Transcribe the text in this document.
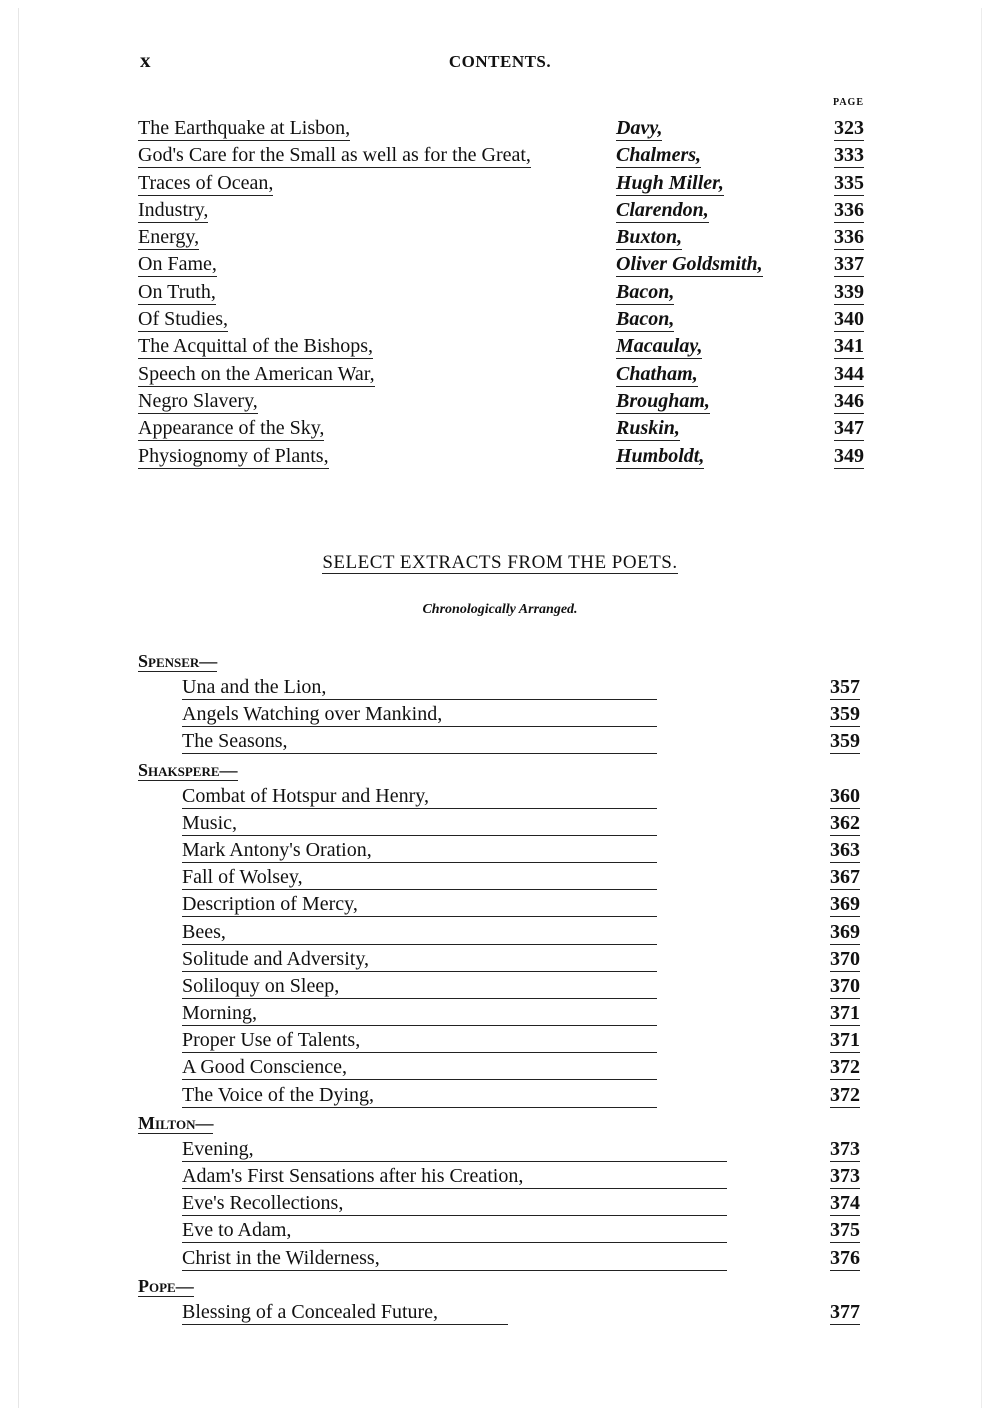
x	CONTENTS.
PAGE
The Earthquake at Lisbon,	Davy,	323
God's Care for the Small as well as for the Great,	Chalmers,	333
Traces of Ocean,	Hugh Miller,	335
Industry,	Clarendon,	336
Energy,	Buxton,	336
On Fame,	Oliver Goldsmith,	337
On Truth,	Bacon,	339
Of Studies,	Bacon,	340
The Acquittal of the Bishops,	Macaulay,	341
Speech on the American War,	Chatham,	344
Negro Slavery,	Brougham,	346
Appearance of the Sky,	Ruskin,	347
Physiognomy of Plants,	Humboldt,	349
SELECT EXTRACTS FROM THE POETS.
Chronologically Arranged.
Spenser—
Una and the Lion,	357
Angels Watching over Mankind,	359
The Seasons,	359
Shakspere—
Combat of Hotspur and Henry,	360
Music,	362
Mark Antony's Oration,	363
Fall of Wolsey,	367
Description of Mercy,	369
Bees,	369
Solitude and Adversity,	370
Soliloquy on Sleep,	370
Morning,	371
Proper Use of Talents,	371
A Good Conscience,	372
The Voice of the Dying,	372
Milton—
Evening,	373
Adam's First Sensations after his Creation,	373
Eve's Recollections,	374
Eve to Adam,	375
Christ in the Wilderness,	376
Pope—
Blessing of a Concealed Future,	377
